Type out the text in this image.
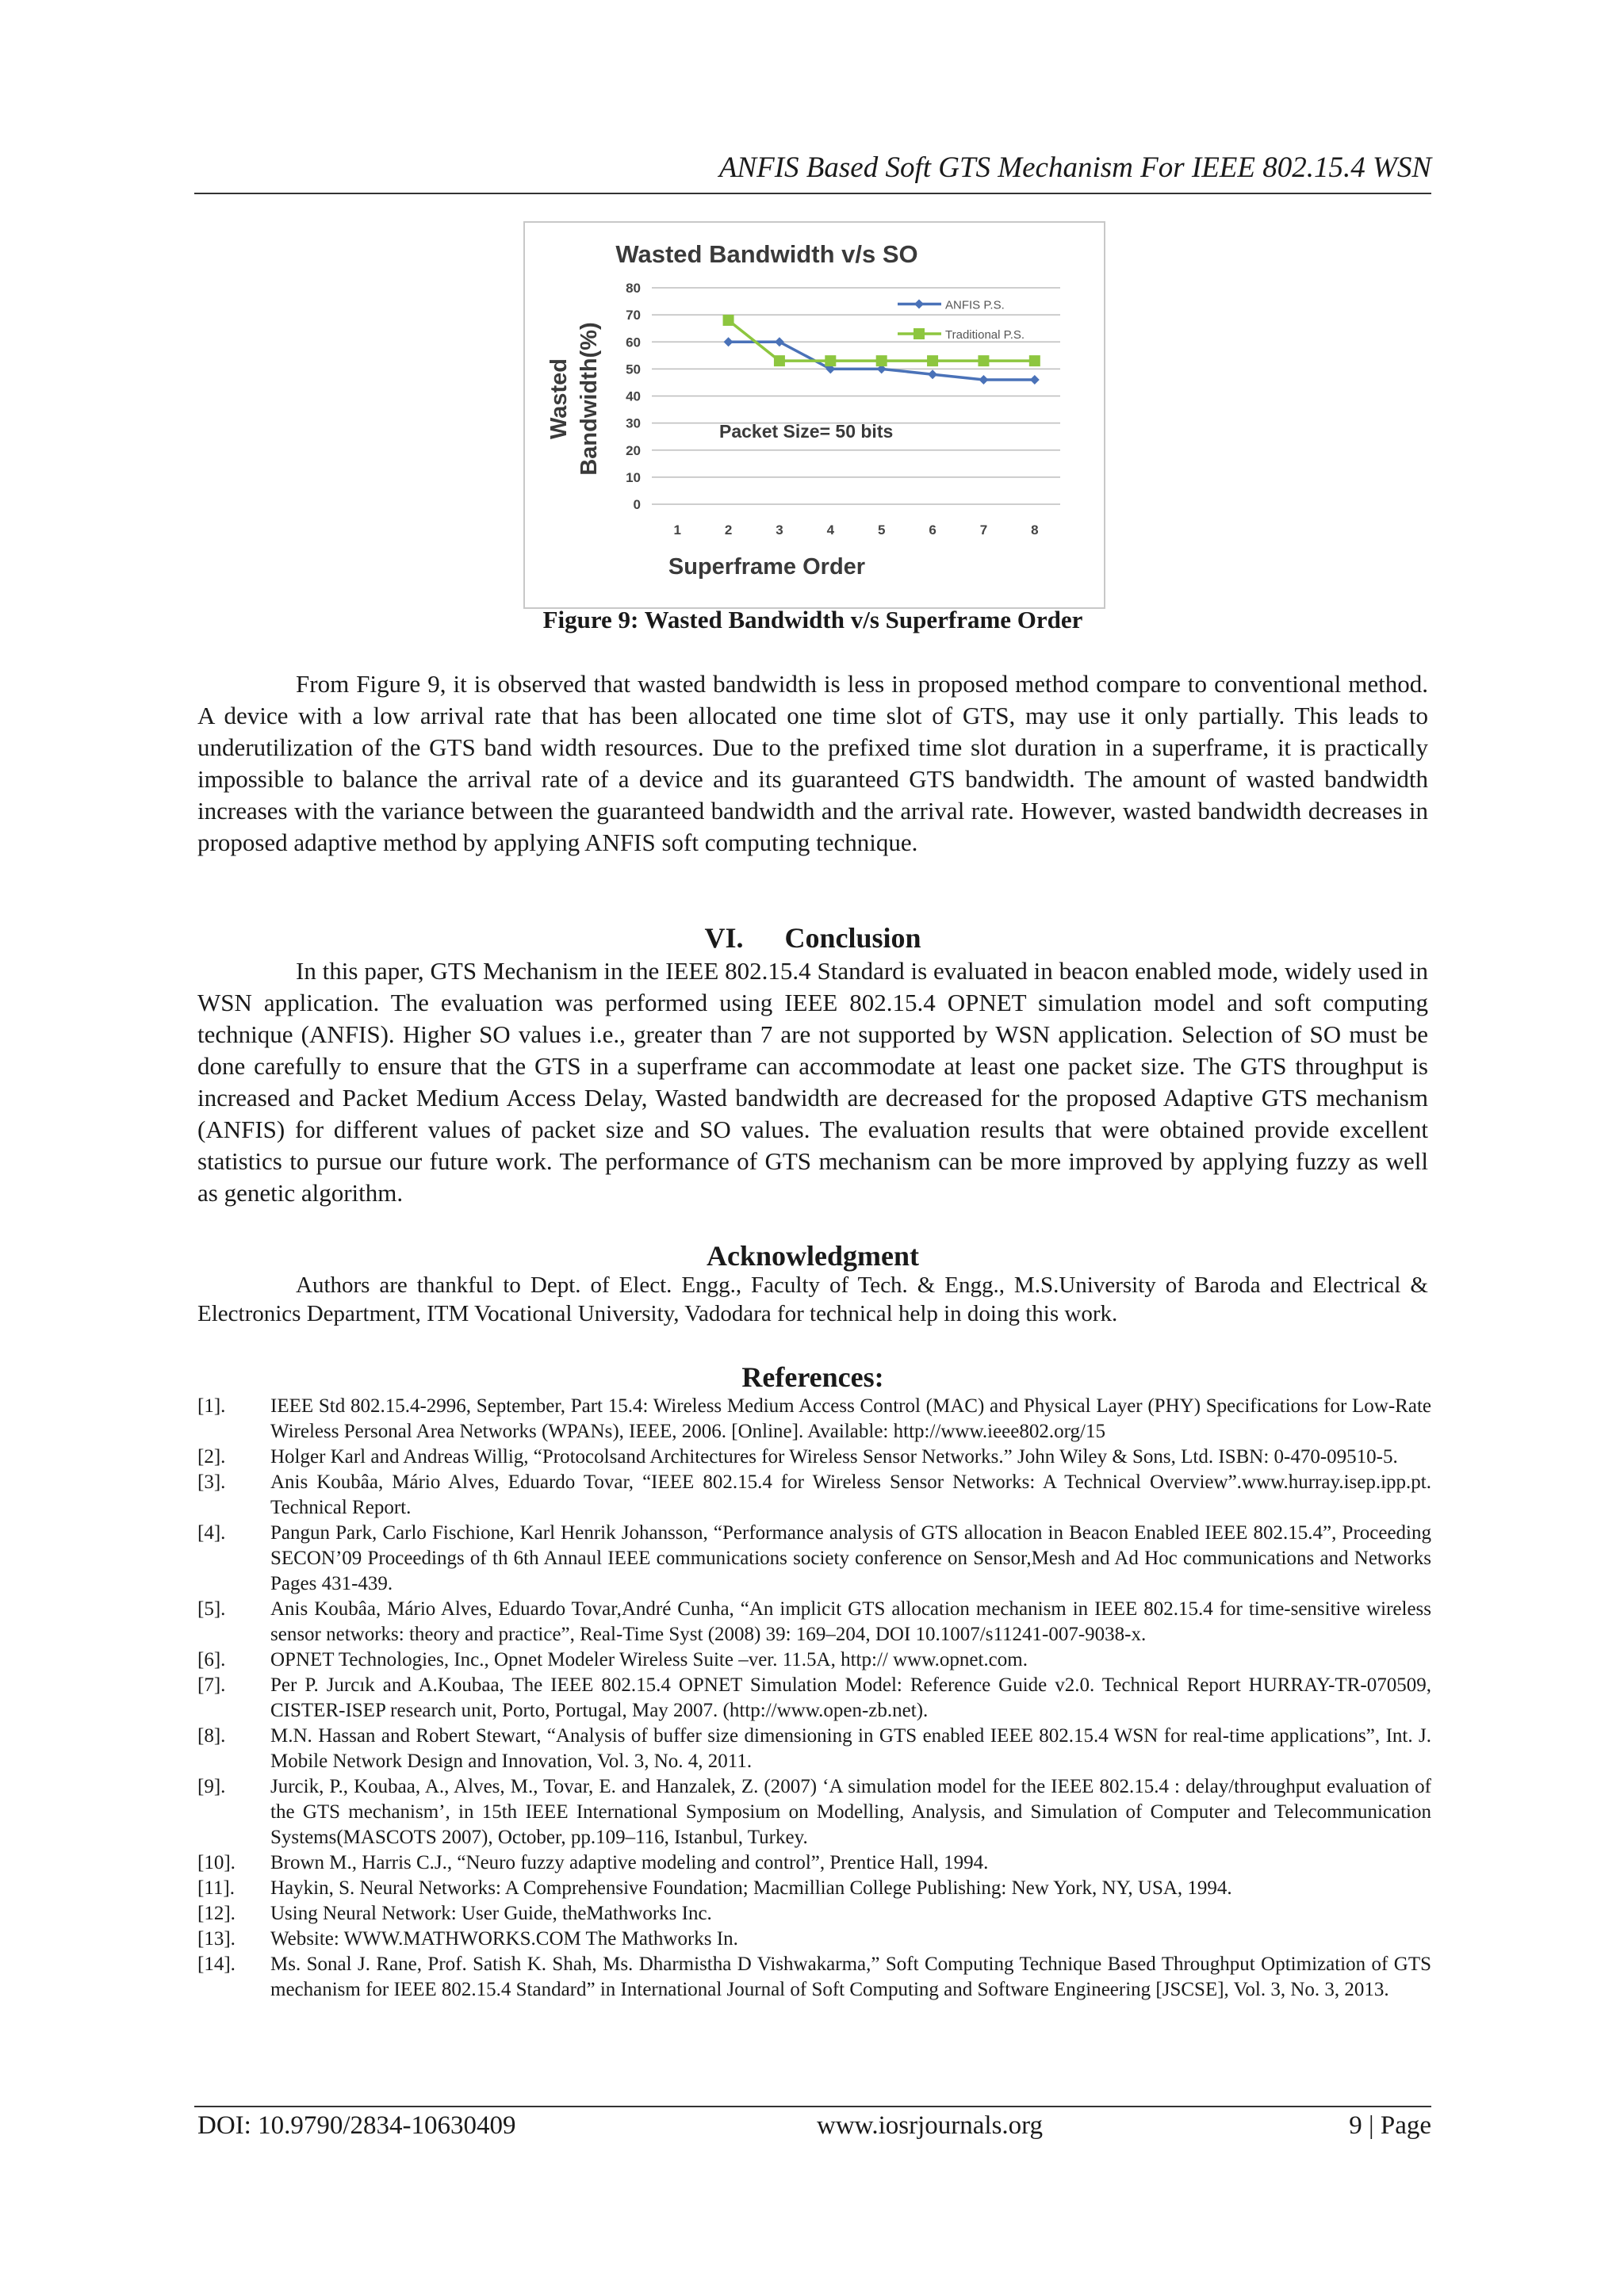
ANFIS Based Soft GTS Mechanism For IEEE 802.15.4 WSN
Wasted Bandwidth v/s SO
0
10
20
30
40
50
60
70
80
1	2	3	4	5	6	7	8
Superframe Order
Wasted Bandwidth(%)	Packet Size= 50 bits
ANFIS P.S.
Traditional P.S.
Figure 9: Wasted Bandwidth v/s Superframe Order

From Figure 9, it is observed that wasted bandwidth is less in proposed method compare to conventional method. A device with a low arrival rate that has been allocated one time slot of GTS, may use it only partially. This leads to underutilization of the GTS band width resources. Due to the prefixed time slot duration in a superframe, it is practically impossible to balance the arrival rate of a device and its guaranteed GTS bandwidth. The amount of wasted bandwidth increases with the variance between the guaranteed bandwidth and the arrival rate. However, wasted bandwidth decreases in proposed adaptive method by applying ANFIS soft computing technique.

VI. Conclusion

In this paper, GTS Mechanism in the IEEE 802.15.4 Standard is evaluated in beacon enabled mode, widely used in WSN application. The evaluation was performed using IEEE 802.15.4 OPNET simulation model and soft computing technique (ANFIS). Higher SO values i.e., greater than 7 are not supported by WSN application. Selection of SO must be done carefully to ensure that the GTS in a superframe can accommodate at least one packet size. The GTS throughput is increased and Packet Medium Access Delay, Wasted bandwidth are decreased for the proposed Adaptive GTS mechanism (ANFIS) for different values of packet size and SO values. The evaluation results that were obtained provide excellent statistics to pursue our future work. The performance of GTS mechanism can be more improved by applying fuzzy as well as genetic algorithm.

Acknowledgment

Authors are thankful to Dept. of Elect. Engg., Faculty of Tech. & Engg., M.S.University of Baroda and Electrical & Electronics Department, ITM Vocational University, Vadodara for technical help in doing this work.

References:
[1].	IEEE Std 802.15.4-2996, September, Part 15.4: Wireless Medium Access Control (MAC) and Physical Layer (PHY) Specifications for Low-Rate Wireless Personal Area Networks (WPANs), IEEE, 2006. [Online]. Available: http://www.ieee802.org/15
[2].	Holger Karl and Andreas Willig, “Protocolsand Architectures for Wireless Sensor Networks.” John Wiley & Sons, Ltd. ISBN: 0-470-09510-5.
[3].	Anis Koubâa, Mário Alves, Eduardo Tovar, “IEEE 802.15.4 for Wireless Sensor Networks: A Technical Overview”.www.hurray.isep.ipp.pt. Technical Report.
[4].	Pangun Park, Carlo Fischione, Karl Henrik Johansson, “Performance analysis of GTS allocation in Beacon Enabled IEEE 802.15.4”, Proceeding SECON’09 Proceedings of th 6th Annaul IEEE communications society conference on Sensor,Mesh and Ad Hoc communications and Networks Pages 431-439.
[5].	Anis Koubâa, Mário Alves, Eduardo Tovar,André Cunha, “An implicit GTS allocation mechanism in IEEE 802.15.4 for time-sensitive wireless sensor networks: theory and practice”, Real-Time Syst (2008) 39: 169–204, DOI 10.1007/s11241-007-9038-x.
[6].	OPNET Technologies, Inc., Opnet Modeler Wireless Suite –ver. 11.5A, http:// www.opnet.com.
[7].	Per P. Jurcık and A.Koubaa, The IEEE 802.15.4 OPNET Simulation Model: Reference Guide v2.0. Technical Report HURRAY-TR-070509, CISTER-ISEP research unit, Porto, Portugal, May 2007. (http://www.open-zb.net).
[8].	M.N. Hassan and Robert Stewart, “Analysis of buffer size dimensioning in GTS enabled IEEE 802.15.4 WSN for real-time applications”, Int. J. Mobile Network Design and Innovation, Vol. 3, No. 4, 2011.
[9].	Jurcik, P., Koubaa, A., Alves, M., Tovar, E. and Hanzalek, Z. (2007) ‘A simulation model for the IEEE 802.15.4 : delay/throughput evaluation of the GTS mechanism’, in 15th IEEE International Symposium on Modelling, Analysis, and Simulation of Computer and Telecommunication Systems(MASCOTS 2007), October, pp.109–116, Istanbul, Turkey.
[10].	Brown M., Harris C.J., “Neuro fuzzy adaptive modeling and control”, Prentice Hall, 1994.
[11].	Haykin, S. Neural Networks: A Comprehensive Foundation; Macmillian College Publishing: New York, NY, USA, 1994.
[12].	Using Neural Network: User Guide, theMathworks Inc.
[13].	Website: WWW.MATHWORKS.COM The Mathworks In.
[14].	Ms. Sonal J. Rane, Prof. Satish K. Shah, Ms. Dharmistha D Vishwakarma,” Soft Computing Technique Based Throughput Optimization of GTS mechanism for IEEE 802.15.4 Standard” in International Journal of Soft Computing and Software Engineering [JSCSE], Vol. 3, No. 3, 2013.
DOI: 10.9790/2834-10630409	www.iosrjournals.org	9 | Page
